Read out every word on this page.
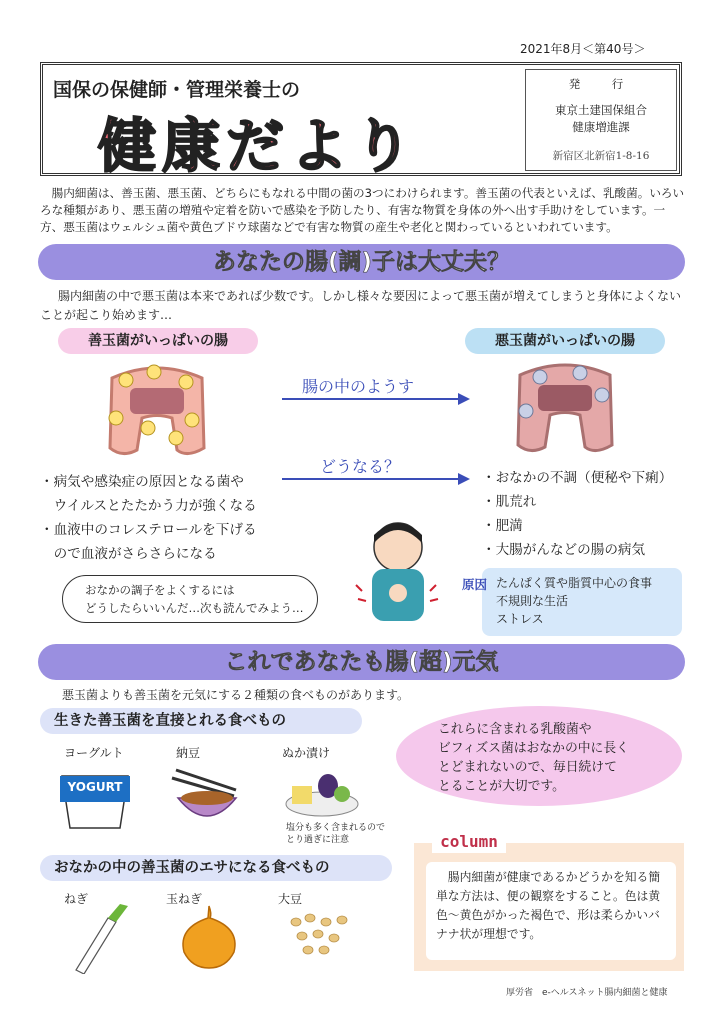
2021年8月＜第40号＞
国保の保健師・管理栄養士の
健康だより
発　行
東京土建国保組合
健康増進課
新宿区北新宿1-8-16
腸内細菌は、善玉菌、悪玉菌、どちらにもなれる中間の菌の3つにわけられます。善玉菌の代表といえば、乳酸菌。いろいろな種類があり、悪玉菌の増殖や定着を防いで感染を予防したり、有害な物質を身体の外へ出す手助けをしています。一方、悪玉菌はウェルシュ菌や黄色ブドウ球菌などで有害な物質の産生や老化と関わっているといわれています。
あなたの腸(調)子は大丈夫？
腸内細菌の中で悪玉菌は本来であれば少数です。しかし様々な要因によって悪玉菌が増えてしまうと身体によくないことが起こり始めます…
善玉菌がいっぱいの腸	悪玉菌がいっぱいの腸
腸の中のようす
どうなる？
・病気や感染症の原因となる菌や
　ウイルスとたたかう力が強くなる
・血液中のコレステロールを下げる
　ので血液がさらさらになる
・おなかの不調（便秘や下痢）
・肌荒れ
・肥満
・大腸がんなどの腸の病気
おなかの調子をよくするには
どうしたらいいんだ…次も読んでみよう…
たんぱく質や脂質中心の食事
不規則な生活
ストレス
原因
これであなたも腸(超)元気
悪玉菌よりも善玉菌を元気にする２種類の食べものがあります。
生きた善玉菌を直接とれる食べもの
ヨーグルト	納豆	ぬか漬け
YOGURT
塩分も多く含まれるので
とり過ぎに注意
これらに含まれる乳酸菌や
ビフィズス菌はおなかの中に長く
とどまれないので、毎日続けて
とることが大切です。
おなかの中の善玉菌のエサになる食べもの
ねぎ	玉ねぎ	大豆
column
腸内細菌が健康であるかどうかを知る簡単な方法は、便の観察をすること。色は黄色～黄色がかった褐色で、形は柔らかいバナナ状が理想です。
厚労省　e-ヘルスネット腸内細菌と健康
